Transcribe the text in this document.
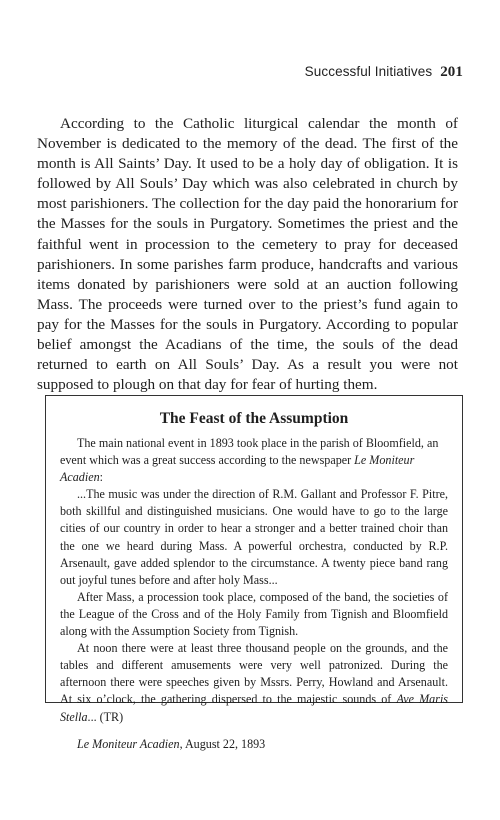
Successful Initiatives 201

According to the Catholic liturgical calendar the month of November is dedicated to the memory of the dead. The first of the month is All Saints’ Day. It used to be a holy day of obligation. It is followed by All Souls’ Day which was also celebrated in church by most parishioners. The collection for the day paid the honorarium for the Masses for the souls in Purgatory. Sometimes the priest and the faithful went in procession to the cemetery to pray for deceased parishioners. In some parishes farm produce, handcrafts and various items donated by parishioners were sold at an auction following Mass. The proceeds were turned over to the priest’s fund again to pay for the Masses for the souls in Purgatory. According to popular belief amongst the Acadians of the time, the souls of the dead returned to earth on All Souls’ Day. As a result you were not supposed to plough on that day for fear of hurting them.

The Feast of the Assumption

The main national event in 1893 took place in the parish of Bloomfield, an event which was a great success according to the newspaper Le Moniteur Acadien:

...The music was under the direction of R.M. Gallant and Professor F. Pitre, both skillful and distinguished musicians. One would have to go to the large cities of our country in order to hear a stronger and a better trained choir than the one we heard during Mass. A powerful orchestra, conducted by R.P. Arsenault, gave added splendor to the circumstance. A twenty piece band rang out joyful tunes before and after holy Mass...

After Mass, a procession took place, composed of the band, the societies of the League of the Cross and of the Holy Family from Tignish and Bloomfield along with the Assumption Society from Tignish.

At noon there were at least three thousand people on the grounds, and the tables and different amusements were very well patronized. During the afternoon there were speeches given by Mssrs. Perry, Howland and Arsenault. At six o’clock, the gathering dispersed to the majestic sounds of Ave Maris Stella... (TR)

Le Moniteur Acadien, August 22, 1893
